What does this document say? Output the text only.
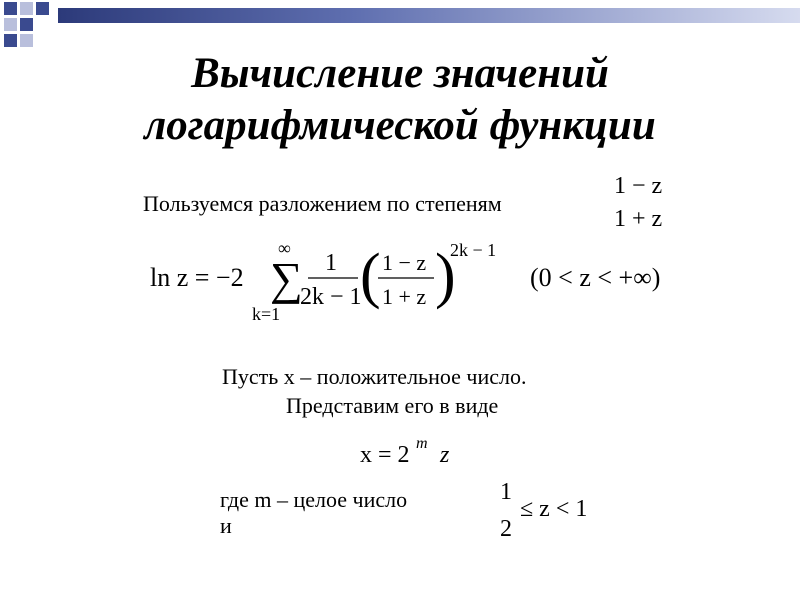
Вычисление значений
логарифмической функции
Пользуемся разложением по степеням
1 − z
1 + z
ln z = −2 ∑
∞
k=1
1
2k − 1
( 1 − z
1 + z )
2k − 1
(0 < z < +∞)
Пусть x – положительное число.
Представим его в виде
x = 2 m z
где m – целое число
и
1
2
≤ z < 1
